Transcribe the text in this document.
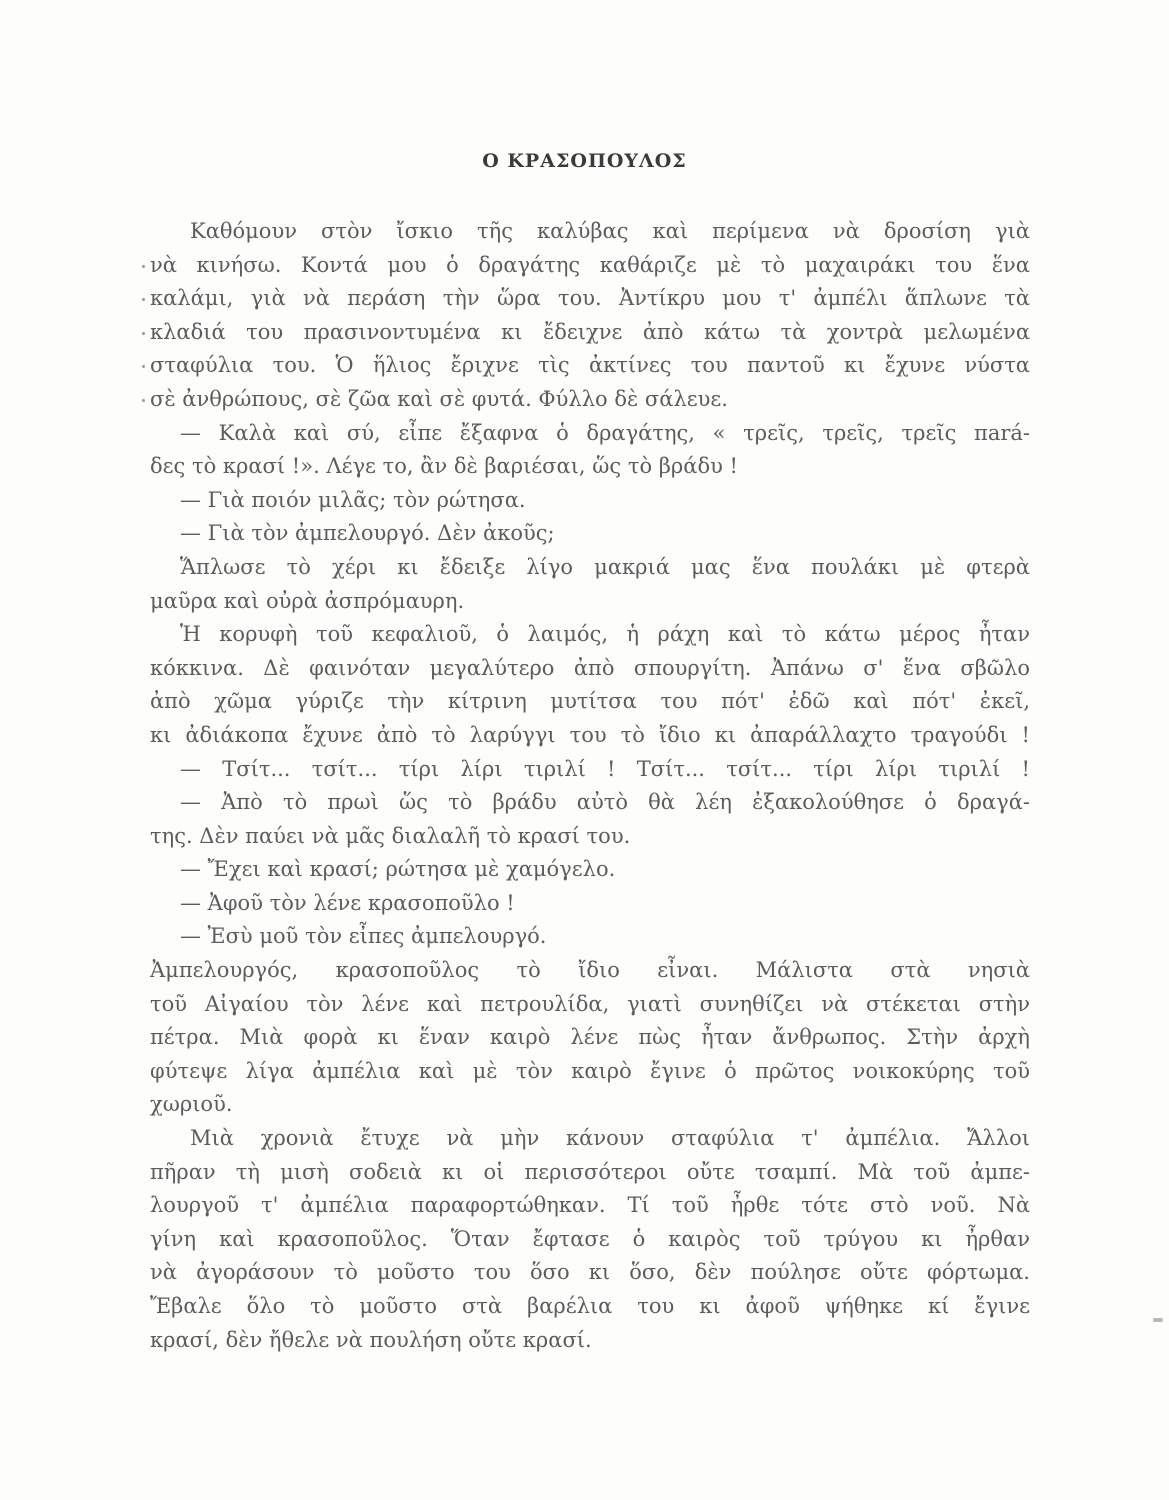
Ο ΚΡΑΣΟΠΟΥΛΟΣ
Καθόμουν στὸν ἴσκιο τῆς καλύβας καὶ περίμενα νὰ δροσίση γιὰ
νὰ κινήσω. Κοντά μου ὁ δραγάτης καθάριζε μὲ τὸ μαχαιράκι του ἕνα
καλάμι, γιὰ νὰ περάση τὴν ὥρα του. Ἀντίκρυ μου τ' ἀμπέλι ἅπλωνε τὰ
κλαδιά του πρασινοντυμένα κι ἔδειχνε ἀπὸ κάτω τὰ χοντρὰ μελωμένα
σταφύλια του. Ὁ ἥλιος ἔριχνε τὶς ἀκτίνες του παντοῦ κι ἔχυνε νύστα
σὲ ἀνθρώπους, σὲ ζῶα καὶ σὲ φυτά. Φύλλο δὲ σάλευε.
— Καλὰ καὶ σύ, εἶπε ἔξαφνα ὁ δραγάτης, « τρεῖς, τρεῖς, τρεῖς πará-
δες τὸ κρασί !». Λέγε το, ἂν δὲ βαριέσαι, ὥς τὸ βράδυ !
— Γιὰ ποιόν μιλᾶς; τὸν ρώτησα.
— Γιὰ τὸν ἀμπελουργό. Δὲν ἀκοῦς;
Ἅπλωσε τὸ χέρι κι ἔδειξε λίγο μακριά μας ἕνα πουλάκι μὲ φτερὰ
μαῦρα καὶ οὐρὰ ἀσπρόμαυρη.
Ἡ κορυφὴ τοῦ κεφαλιοῦ, ὁ λαιμός, ἡ ράχη καὶ τὸ κάτω μέρος ἦταν
κόκκινα. Δὲ φαινόταν μεγαλύτερο ἀπὸ σπουργίτη. Ἀπάνω σ' ἕνα σβῶλο
ἀπὸ χῶμα γύριζε τὴν κίτρινη μυτίτσα του πότ' ἐδῶ καὶ πότ' ἐκεῖ,
κι ἀδιάκοπα ἔχυνε ἀπὸ τὸ λαρύγγι του τὸ ἴδιο κι ἀπαράλλαχτο τραγούδι !
— Τσίτ... τσίτ... τίρι λίρι τιριλί ! Τσίτ... τσίτ... τίρι λίρι τιριλί !
— Ἀπὸ τὸ πρωὶ ὥς τὸ βράδυ αὐτὸ θὰ λέη ἐξακολούθησε ὁ δραγά-
της. Δὲν παύει νὰ μᾶς διαλαλῆ τὸ κρασί του.
— Ἔχει καὶ κρασί; ρώτησα μὲ χαμόγελο.
— Ἀφοῦ τὸν λένε κρασοποῦλο !
— Ἐσὺ μοῦ τὸν εἶπες ἀμπελουργό.
Ἀμπελουργός, κρασοποῦλος τὸ ἴδιο εἶναι. Μάλιστα στὰ νησιὰ
τοῦ Αἰγαίου τὸν λένε καὶ πετρουλίδα, γιατὶ συνηθίζει νὰ στέκεται στὴν
πέτρα. Μιὰ φορὰ κι ἕναν καιρὸ λένε πὼς ἦταν ἄνθρωπος. Στὴν ἀρχὴ
φύτεψε λίγα ἀμπέλια καὶ μὲ τὸν καιρὸ ἔγινε ὁ πρῶτος νοικοκύρης τοῦ
χωριοῦ.
Μιὰ χρονιὰ ἔτυχε νὰ μὴν κάνουν σταφύλια τ' ἀμπέλια. Ἄλλοι
πῆραν τὴ μισὴ σοδειὰ κι οἱ περισσότεροι οὔτε τσαμπί. Μὰ τοῦ ἀμπε-
λουργοῦ τ' ἀμπέλια παραφορτώθηκαν. Τί τοῦ ἦρθε τότε στὸ νοῦ. Νὰ
γίνη καὶ κρασοποῦλος. Ὅταν ἔφτασε ὁ καιρὸς τοῦ τρύγου κι ἦρθαν
νὰ ἀγοράσουν τὸ μοῦστο του ὅσο κι ὅσο, δὲν πούλησε οὔτε φόρτωμα.
Ἔβαλε ὅλο τὸ μοῦστο στὰ βαρέλια του κι ἀφοῦ ψήθηκε κί ἔγινε
κρασί, δὲν ἤθελε νὰ πουλήση οὔτε κρασί.
